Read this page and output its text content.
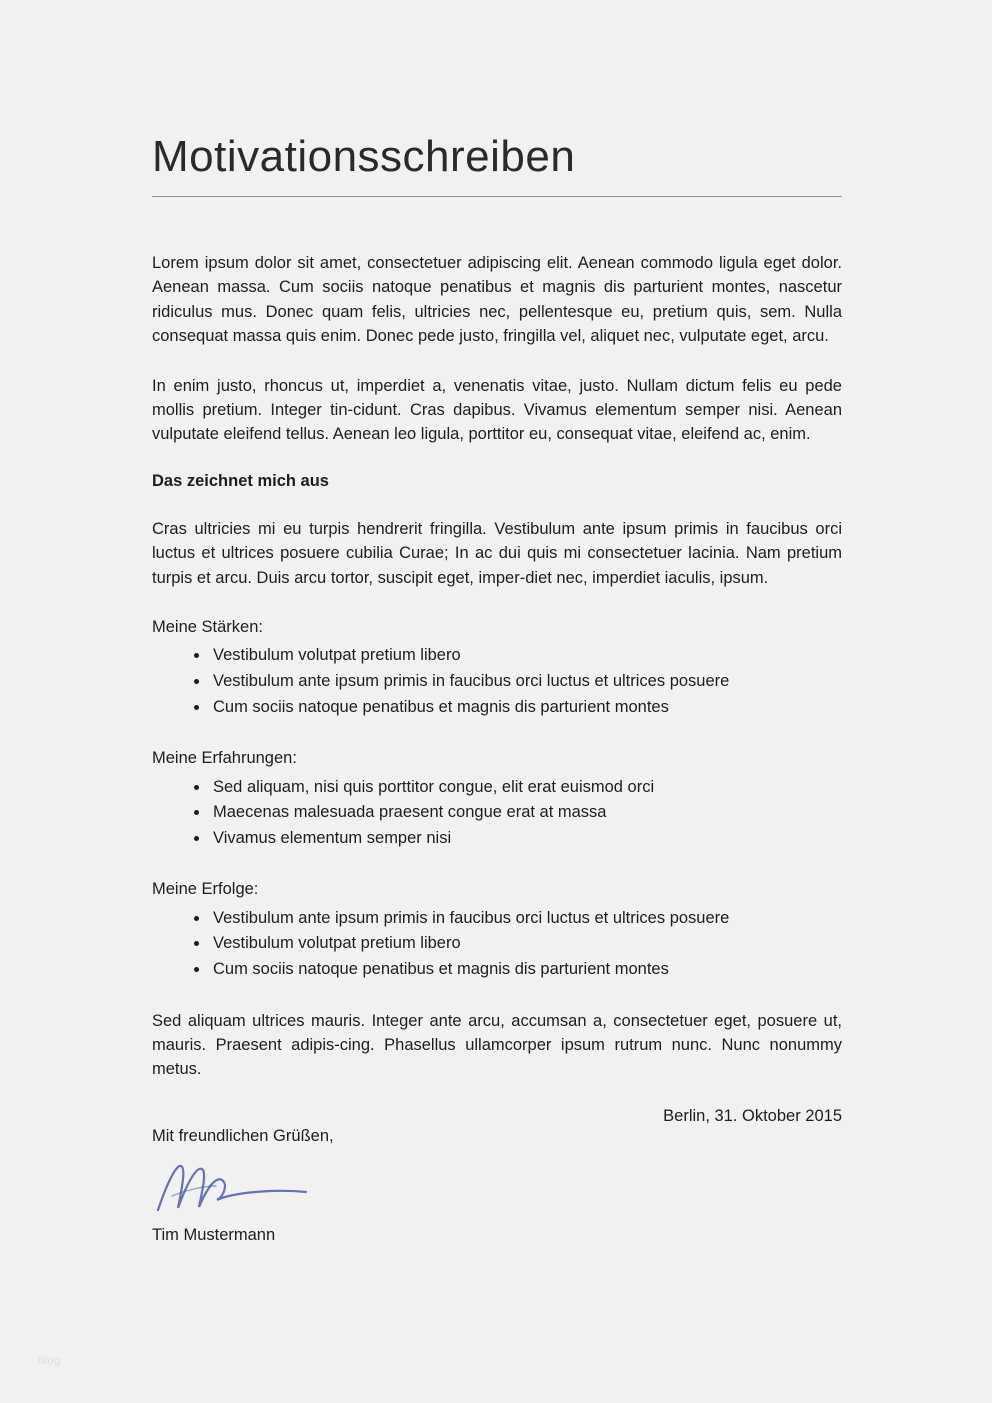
Motivationsschreiben

Lorem ipsum dolor sit amet, consectetuer adipiscing elit. Aenean commodo ligula eget dolor. Aenean massa. Cum sociis natoque penatibus et magnis dis parturient montes, nascetur ridiculus mus. Donec quam felis, ultricies nec, pellentesque eu, pretium quis, sem. Nulla consequat massa quis enim. Donec pede justo, fringilla vel, aliquet nec, vulputate eget, arcu.

In enim justo, rhoncus ut, imperdiet a, venenatis vitae, justo. Nullam dictum felis eu pede mollis pretium. Integer tin-cidunt. Cras dapibus. Vivamus elementum semper nisi. Aenean vulputate eleifend tellus. Aenean leo ligula, porttitor eu, consequat vitae, eleifend ac, enim.

Das zeichnet mich aus

Cras ultricies mi eu turpis hendrerit fringilla. Vestibulum ante ipsum primis in faucibus orci luctus et ultrices posuere cubilia Curae; In ac dui quis mi consectetuer lacinia. Nam pretium turpis et arcu. Duis arcu tortor, suscipit eget, imper-diet nec, imperdiet iaculis, ipsum.

Meine Stärken:

• Vestibulum volutpat pretium libero
• Vestibulum ante ipsum primis in faucibus orci luctus et ultrices posuere
• Cum sociis natoque penatibus et magnis dis parturient montes

Meine Erfahrungen:

• Sed aliquam, nisi quis porttitor congue, elit erat euismod orci
• Maecenas malesuada praesent congue erat at massa
• Vivamus elementum semper nisi

Meine Erfolge:

• Vestibulum ante ipsum primis in faucibus orci luctus et ultrices posuere
• Vestibulum volutpat pretium libero
• Cum sociis natoque penatibus et magnis dis parturient montes

Sed aliquam ultrices mauris. Integer ante arcu, accumsan a, consectetuer eget, posuere ut, mauris. Praesent adipis-cing. Phasellus ullamcorper ipsum rutrum nunc. Nunc nonummy metus.

Berlin, 31. Oktober 2015

Mit freundlichen Grüßen,

Tim Mustermann

blog
